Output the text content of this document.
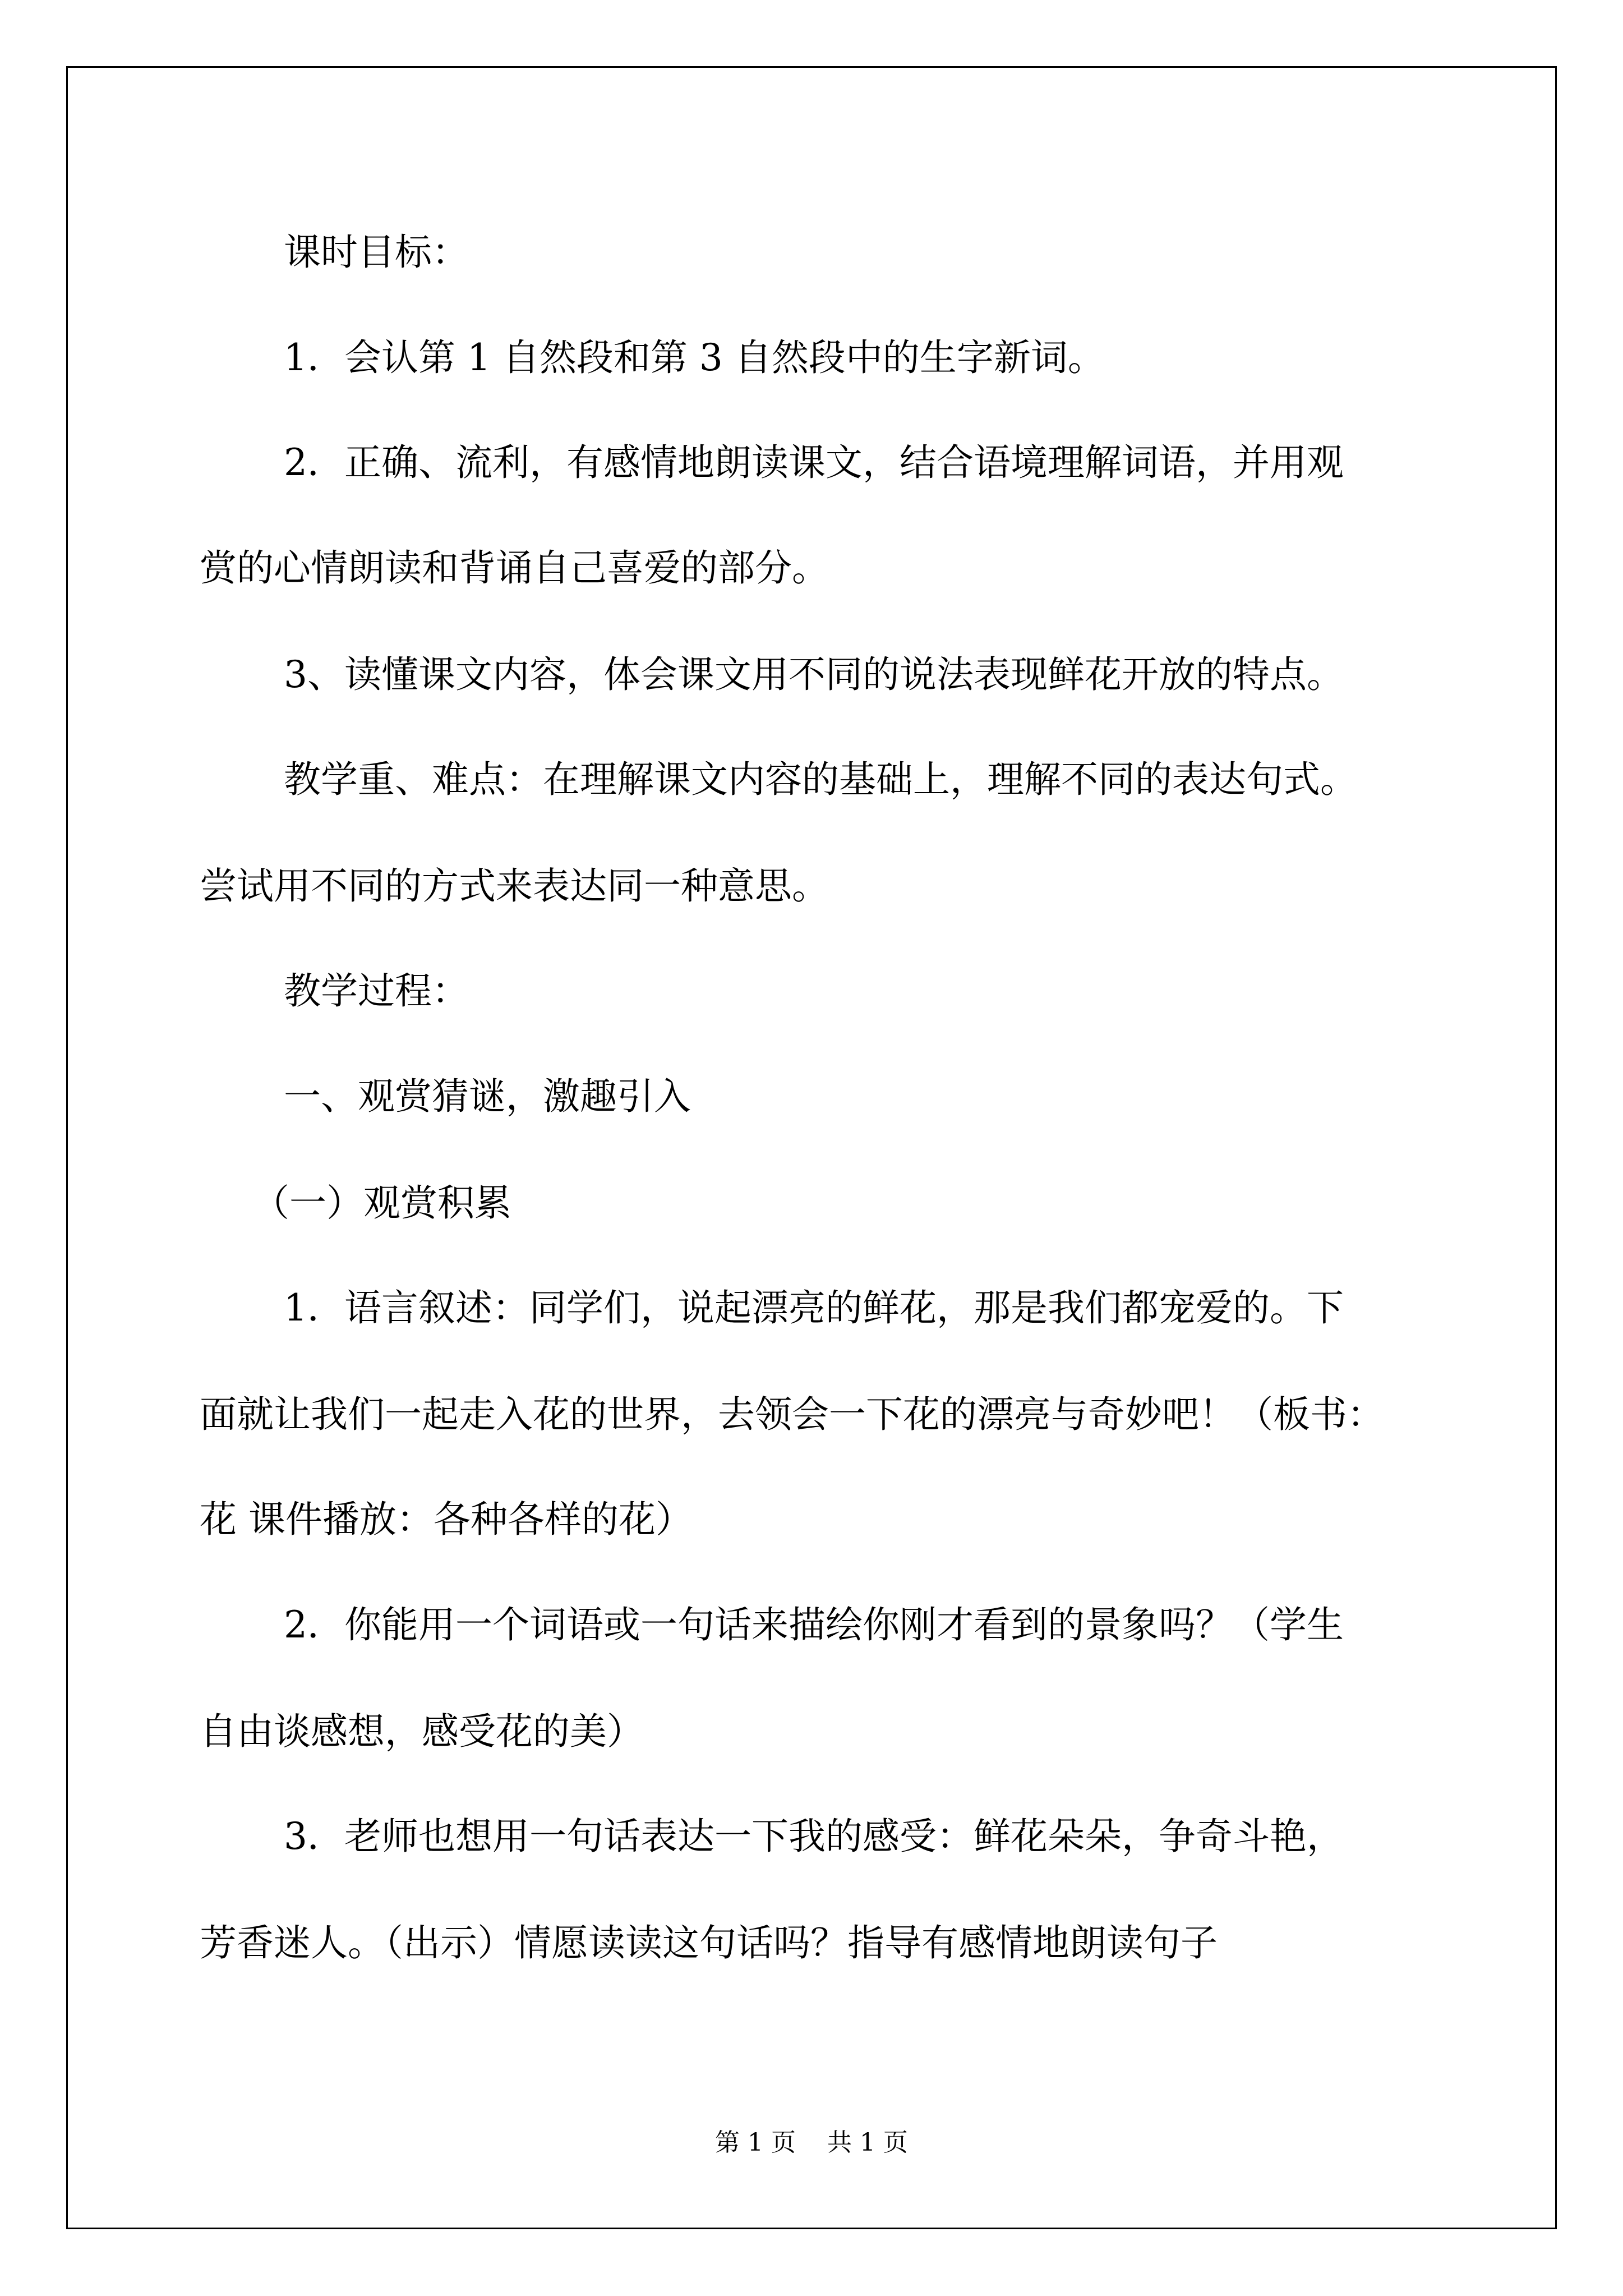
课时目标：

1．会认第 1 自然段和第 3 自然段中的生字新词。

2．正确、流利，有感情地朗读课文，结合语境理解词语，并用观

赏的心情朗读和背诵自己喜爱的部分。

3、读懂课文内容，体会课文用不同的说法表现鲜花开放的特点。

教学重、难点：在理解课文内容的基础上，理解不同的表达句式。

尝试用不同的方式来表达同一种意思。

教学过程：

一、观赏猜谜，激趣引入

（一）观赏积累

1．语言叙述：同学们，说起漂亮的鲜花，那是我们都宠爱的。下

面就让我们一起走入花的世界，去领会一下花的漂亮与奇妙吧！（板书：

花 课件播放：各种各样的花）

2．你能用一个词语或一句话来描绘你刚才看到的景象吗？（学生

自由谈感想，感受花的美）

3．老师也想用一句话表达一下我的感受：鲜花朵朵，争奇斗艳，

芳香迷人。（出示）情愿读读这句话吗？指导有感情地朗读句子

第 1 页    共 1 页
